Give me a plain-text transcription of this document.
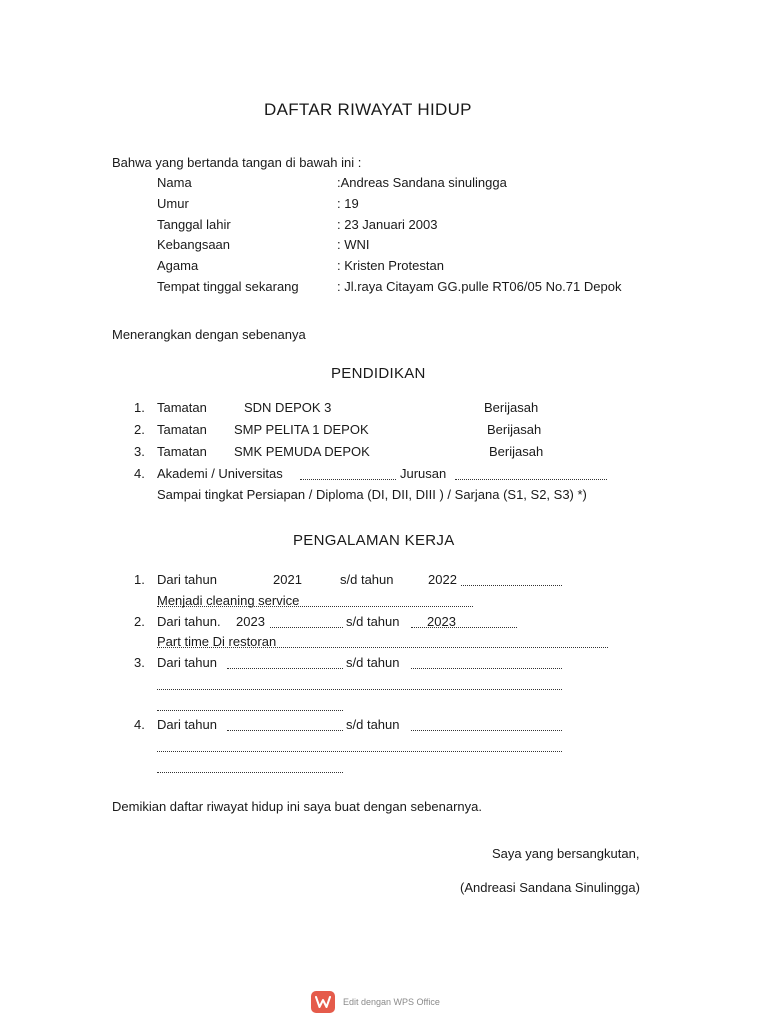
DAFTAR RIWAYAT HIDUP
Bahwa yang bertanda tangan di bawah ini :
Nama	:Andreas Sandana sinulingga
Umur	: 19
Tanggal lahir	: 23 Januari 2003
Kebangsaan	: WNI
Agama	: Kristen Protestan
Tempat tinggal sekarang	: Jl.raya Citayam GG.pulle RT06/05 No.71 Depok
Menerangkan dengan sebenanya
PENDIDIKAN
1. Tamatan	SDN DEPOK 3	Berijasah
2. Tamatan SMP PELITA 1 DEPOK	Berijasah
3. Tamatan SMK PEMUDA DEPOK	Berijasah
4. Akademi / Universitas	Jurusan
Sampai tingkat Persiapan / Diploma (DI, DII, DIII ) / Sarjana (S1, S2, S3) *)
PENGALAMAN KERJA
1. Dari tahun	2021	s/d tahun	2022
Menjadi cleaning service
2. Dari tahun. 2023	s/d tahun 2023
Part time Di restoran
3. Dari tahun	s/d tahun
4. Dari tahun	s/d tahun
Demikian daftar riwayat hidup ini saya buat dengan sebenarnya.
Saya yang bersangkutan,
(Andreasi Sandana Sinulingga)
Edit dengan WPS Office
